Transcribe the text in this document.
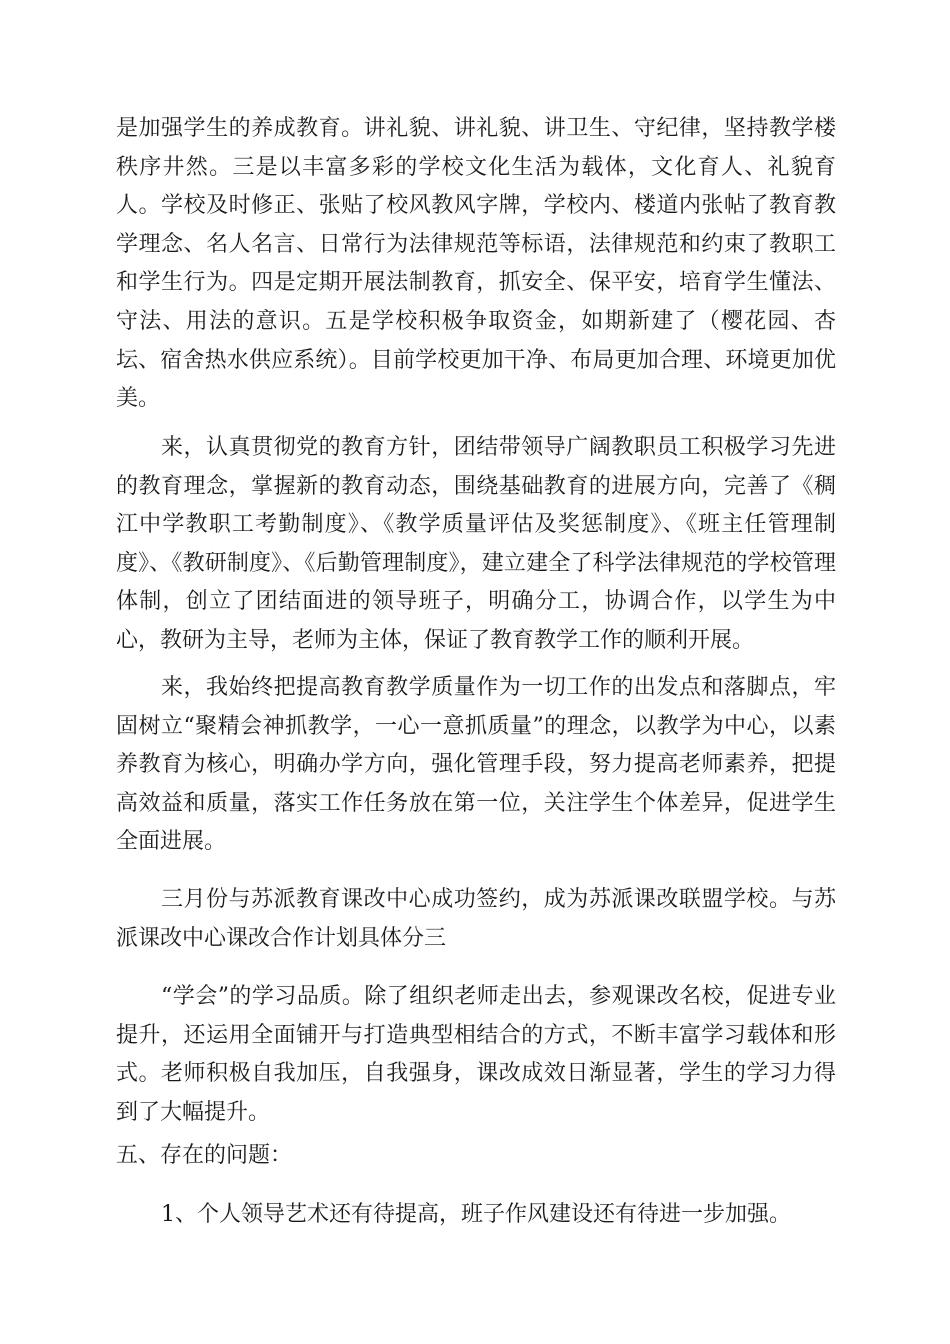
是加强学生的养成教育。讲礼貌、讲礼貌、讲卫生、守纪律，坚持教学楼秩序井然。三是以丰富多彩的学校文化生活为载体，文化育人、礼貌育人。学校及时修正、张贴了校风教风字牌，学校内、楼道内张帖了教育教学理念、名人名言、日常行为法律规范等标语，法律规范和约束了教职工和学生行为。四是定期开展法制教育，抓安全、保平安，培育学生懂法、守法、用法的意识。五是学校积极争取资金，如期新建了（樱花园、杏坛、宿舍热水供应系统）。目前学校更加干净、布局更加合理、环境更加优美。

来，认真贯彻党的教育方针，团结带领导广阔教职员工积极学习先进的教育理念，掌握新的教育动态，围绕基础教育的进展方向，完善了《稠江中学教职工考勤制度》、《教学质量评估及奖惩制度》、《班主任管理制度》、《教研制度》、《后勤管理制度》，建立建全了科学法律规范的学校管理体制，创立了团结面进的领导班子，明确分工，协调合作，以学生为中心，教研为主导，老师为主体，保证了教育教学工作的顺利开展。

来，我始终把提高教育教学质量作为一切工作的出发点和落脚点，牢固树立“聚精会神抓教学，一心一意抓质量”的理念，以教学为中心，以素养教育为核心，明确办学方向，强化管理手段，努力提高老师素养，把提高效益和质量，落实工作任务放在第一位，关注学生个体差异，促进学生全面进展。

三月份与苏派教育课改中心成功签约，成为苏派课改联盟学校。与苏派课改中心课改合作计划具体分三

“学会”的学习品质。除了组织老师走出去，参观课改名校，促进专业提升，还运用全面铺开与打造典型相结合的方式，不断丰富学习载体和形式。老师积极自我加压，自我强身，课改成效日渐显著，学生的学习力得到了大幅提升。

五、存在的问题：

1、个人领导艺术还有待提高，班子作风建设还有待进一步加强。
